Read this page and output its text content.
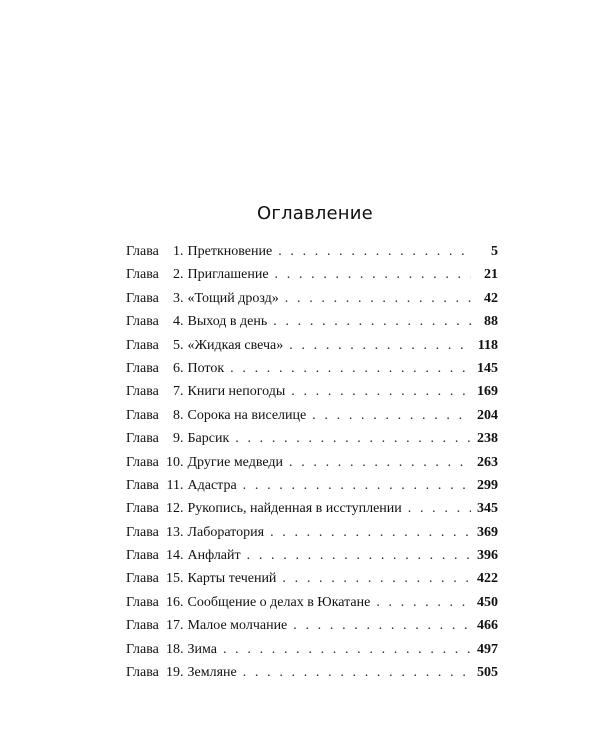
Оглавление
Глава	1 . Преткновение . . .	5
Глава	2 . Приглашение . . .	21
Глава	3 . «Тощий дрозд» . . .	42
Глава	4 . Выход в день . . .	88
Глава	5 . «Жидкая свеча» . . .	118
Глава	6 . Поток . . .	145
Глава	7 . Книги непогоды . . .	169
Глава	8 . Сорока на виселице . . .	204
Глава	9 . Барсик . . .	238
Глава 10 . Другие медведи . . .	263
Глава 11 . Адастра . . .	299
Глава 12 . Рукопись, найденная в исступлении . . .	345
Глава 13 . Лаборатория . . .	369
Глава 14 . Анфлайт . . .	396
Глава 15 . Карты течений . . .	422
Глава 16 . Сообщение о делах в Юкатане . . .	450
Глава 17 . Малое молчание . . .	466
Глава 18 . Зима . . .	497
Глава 19 . Земляне . . .	505
